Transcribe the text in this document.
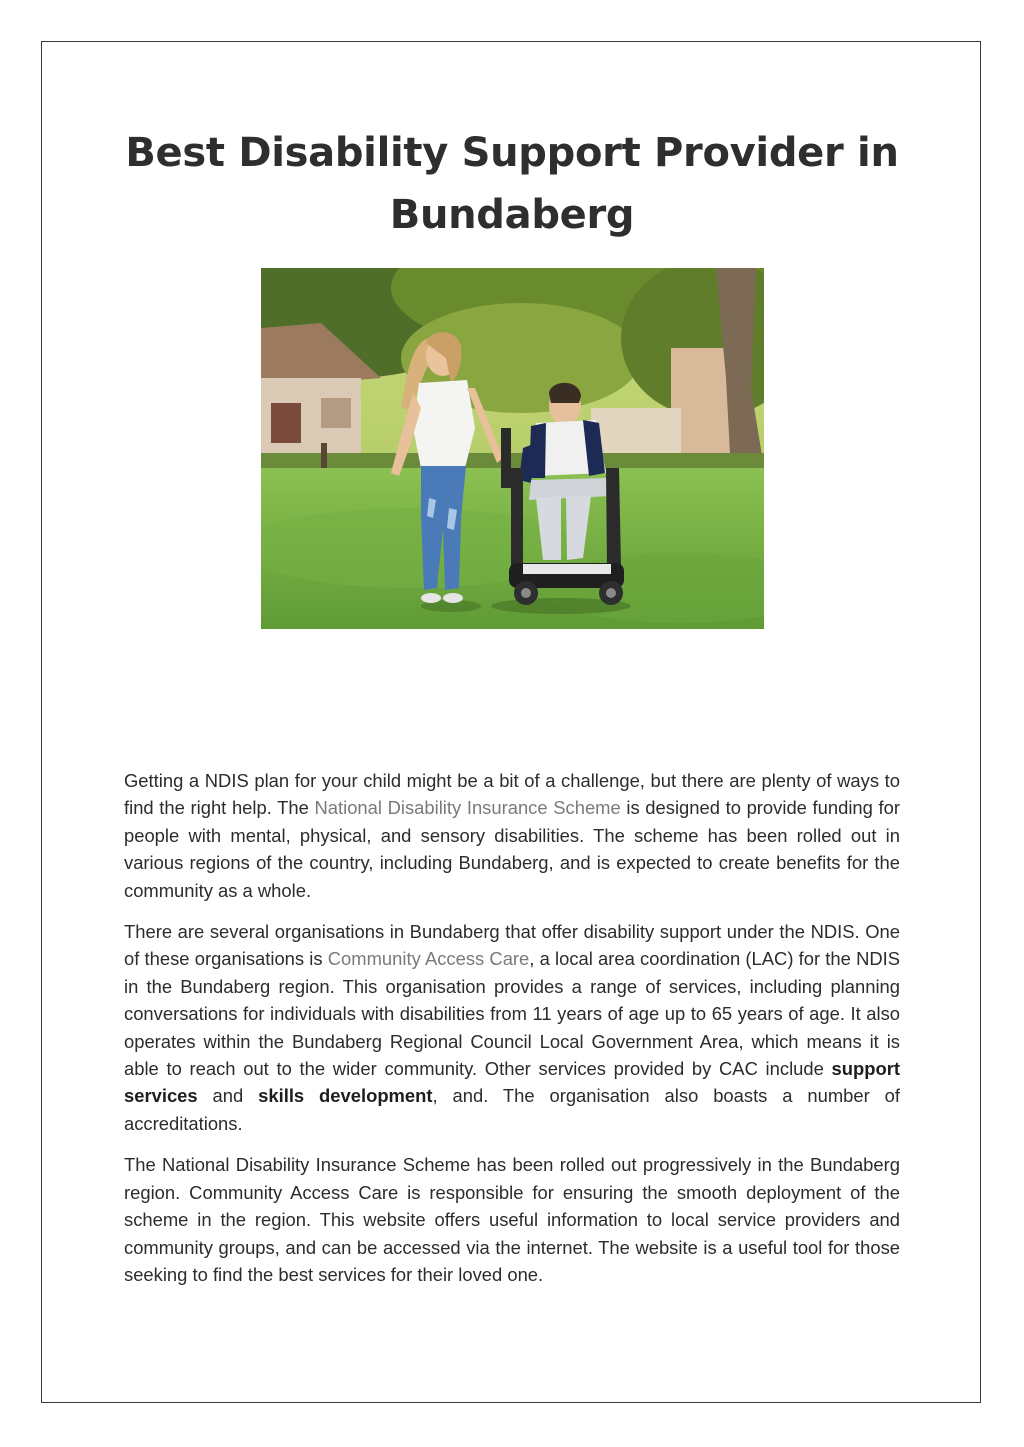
Best Disability Support Provider in
Bundaberg

Getting a NDIS plan for your child might be a bit of a challenge, but there are plenty of ways to find the right help. The National Disability Insurance Scheme is designed to provide funding for people with mental, physical, and sensory disabilities. The scheme has been rolled out in various regions of the country, including Bundaberg, and is expected to create benefits for the community as a whole.

There are several organisations in Bundaberg that offer disability support under the NDIS. One of these organisations is Community Access Care, a local area coordination (LAC) for the NDIS in the Bundaberg region. This organisation provides a range of services, including planning conversations for individuals with disabilities from 11 years of age up to 65 years of age. It also operates within the Bundaberg Regional Council Local Government Area, which means it is able to reach out to the wider community. Other services provided by CAC include support services and skills development, and. The organisation also boasts a number of accreditations.

The National Disability Insurance Scheme has been rolled out progressively in the Bundaberg region. Community Access Care is responsible for ensuring the smooth deployment of the scheme in the region. This website offers useful information to local service providers and community groups, and can be accessed via the internet. The website is a useful tool for those seeking to find the best services for their loved one.
